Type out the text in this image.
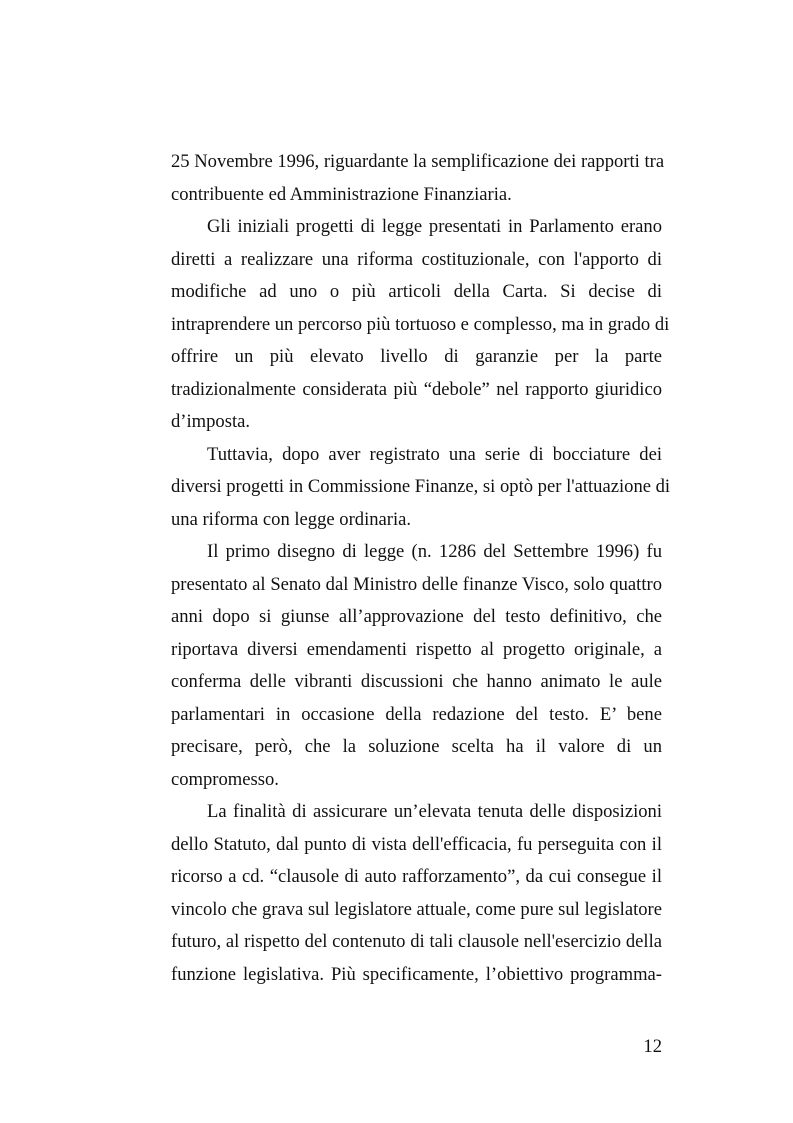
25 Novembre 1996, riguardante la semplificazione dei rapporti tra
contribuente ed Amministrazione Finanziaria.
Gli iniziali progetti di legge presentati in Parlamento erano
diretti a realizzare una riforma costituzionale, con l'apporto di
modifiche ad uno o più articoli della Carta. Si decise di
intraprendere un percorso più tortuoso e complesso, ma in grado di
offrire un più elevato livello di garanzie per la parte
tradizionalmente considerata più “debole” nel rapporto giuridico
d’imposta.
Tuttavia, dopo aver registrato una serie di bocciature dei
diversi progetti in Commissione Finanze, si optò per l'attuazione di
una riforma con legge ordinaria.
Il primo disegno di legge (n. 1286 del Settembre 1996) fu
presentato al Senato dal Ministro delle finanze Visco, solo quattro
anni dopo si giunse all’approvazione del testo definitivo, che
riportava diversi emendamenti rispetto al progetto originale, a
conferma delle vibranti discussioni che hanno animato le aule
parlamentari in occasione della redazione del testo. E’ bene
precisare, però, che la soluzione scelta ha il valore di un
compromesso.
La finalità di assicurare un’elevata tenuta delle disposizioni
dello Statuto, dal punto di vista dell'efficacia, fu perseguita con il
ricorso a cd. “clausole di auto rafforzamento”, da cui consegue il
vincolo che grava sul legislatore attuale, come pure sul legislatore
futuro, al rispetto del contenuto di tali clausole nell'esercizio della
funzione legislativa. Più specificamente, l’obiettivo programma-
12
